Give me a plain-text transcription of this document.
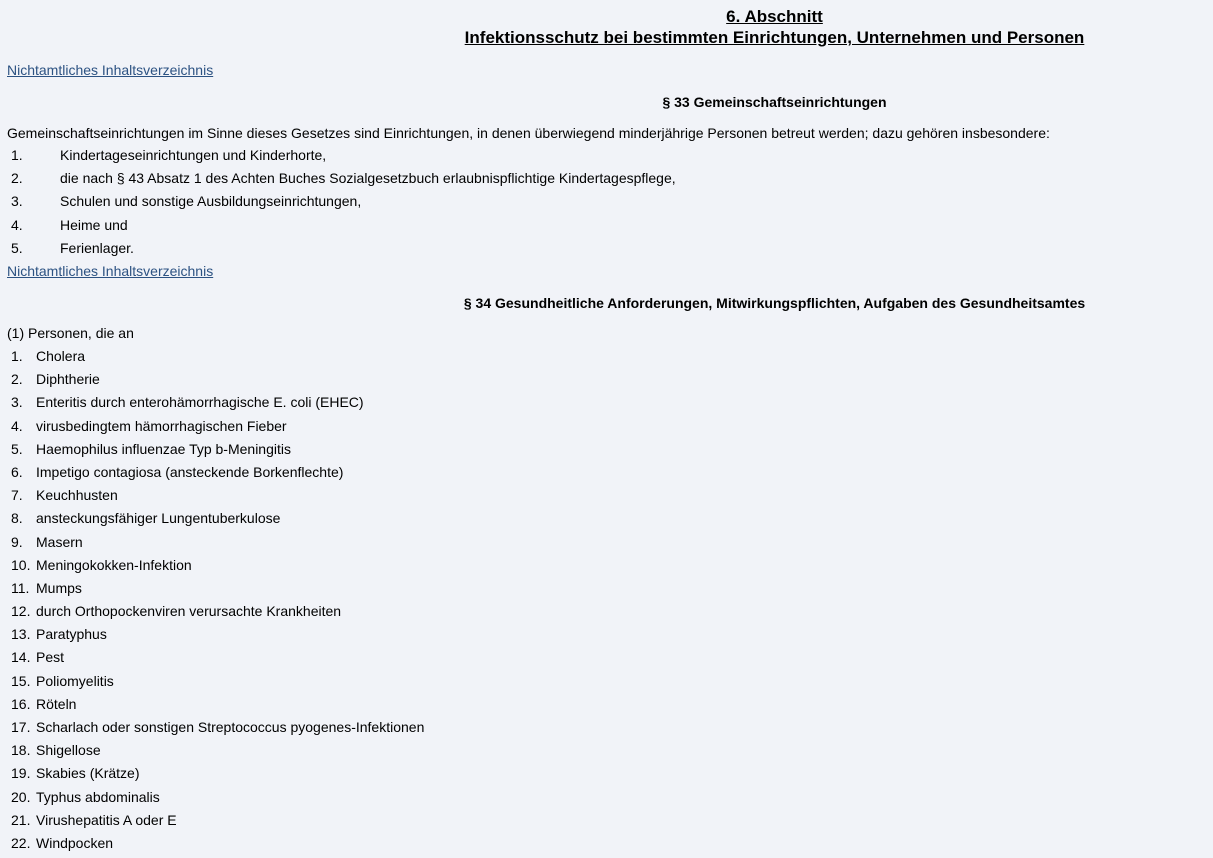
6. Abschnitt
Infektionsschutz bei bestimmten Einrichtungen, Unternehmen und Personen
Nichtamtliches Inhaltsverzeichnis
§ 33 Gemeinschaftseinrichtungen
Gemeinschaftseinrichtungen im Sinne dieses Gesetzes sind Einrichtungen, in denen überwiegend minderjährige Personen betreut werden; dazu gehören insbesondere:
1.	Kindertageseinrichtungen und Kinderhorte,
2.	die nach § 43 Absatz 1 des Achten Buches Sozialgesetzbuch erlaubnispflichtige Kindertagespflege,
3.	Schulen und sonstige Ausbildungseinrichtungen,
4.	Heime und
5.	Ferienlager.
Nichtamtliches Inhaltsverzeichnis
§ 34 Gesundheitliche Anforderungen, Mitwirkungspflichten, Aufgaben des Gesundheitsamtes
(1) Personen, die an
1. Cholera
2. Diphtherie
3. Enteritis durch enterohämorrhagische E. coli (EHEC)
4. virusbedingtem hämorrhagischen Fieber
5. Haemophilus influenzae Typ b-Meningitis
6. Impetigo contagiosa (ansteckende Borkenflechte)
7. Keuchhusten
8. ansteckungsfähiger Lungentuberkulose
9. Masern
10. Meningokokken-Infektion
11. Mumps
12. durch Orthopockenviren verursachte Krankheiten
13. Paratyphus
14. Pest
15. Poliomyelitis
16. Röteln
17. Scharlach oder sonstigen Streptococcus pyogenes-Infektionen
18. Shigellose
19. Skabies (Krätze)
20. Typhus abdominalis
21. Virushepatitis A oder E
22. Windpocken
